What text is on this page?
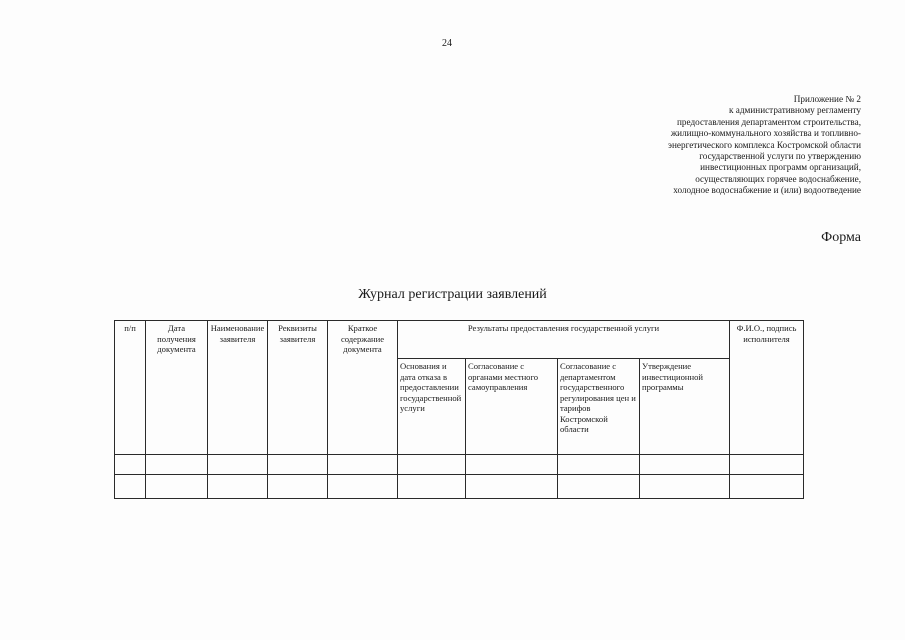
24
Приложение № 2
к административному регламенту
предоставления департаментом строительства,
жилищно-коммунального хозяйства и топливно-
энергетического комплекса Костромской области
государственной услуги по утверждению
инвестиционных программ организаций,
осуществляющих горячее водоснабжение,
холодное водоснабжение и (или) водоотведение
Форма
Журнал регистрации заявлений
п/п	Дата получения документа	Наименование заявителя	Реквизиты заявителя	Краткое содержание документа	Результаты предоставления государственной услуги				Ф.И.О., подпись исполнителя
					Основания и дата отказа в предоставлении государственной услуги	Согласование с органами местного самоуправления	Согласование с департаментом государственного регулирования цен и тарифов Костромской области	Утверждение инвестиционной программы	
